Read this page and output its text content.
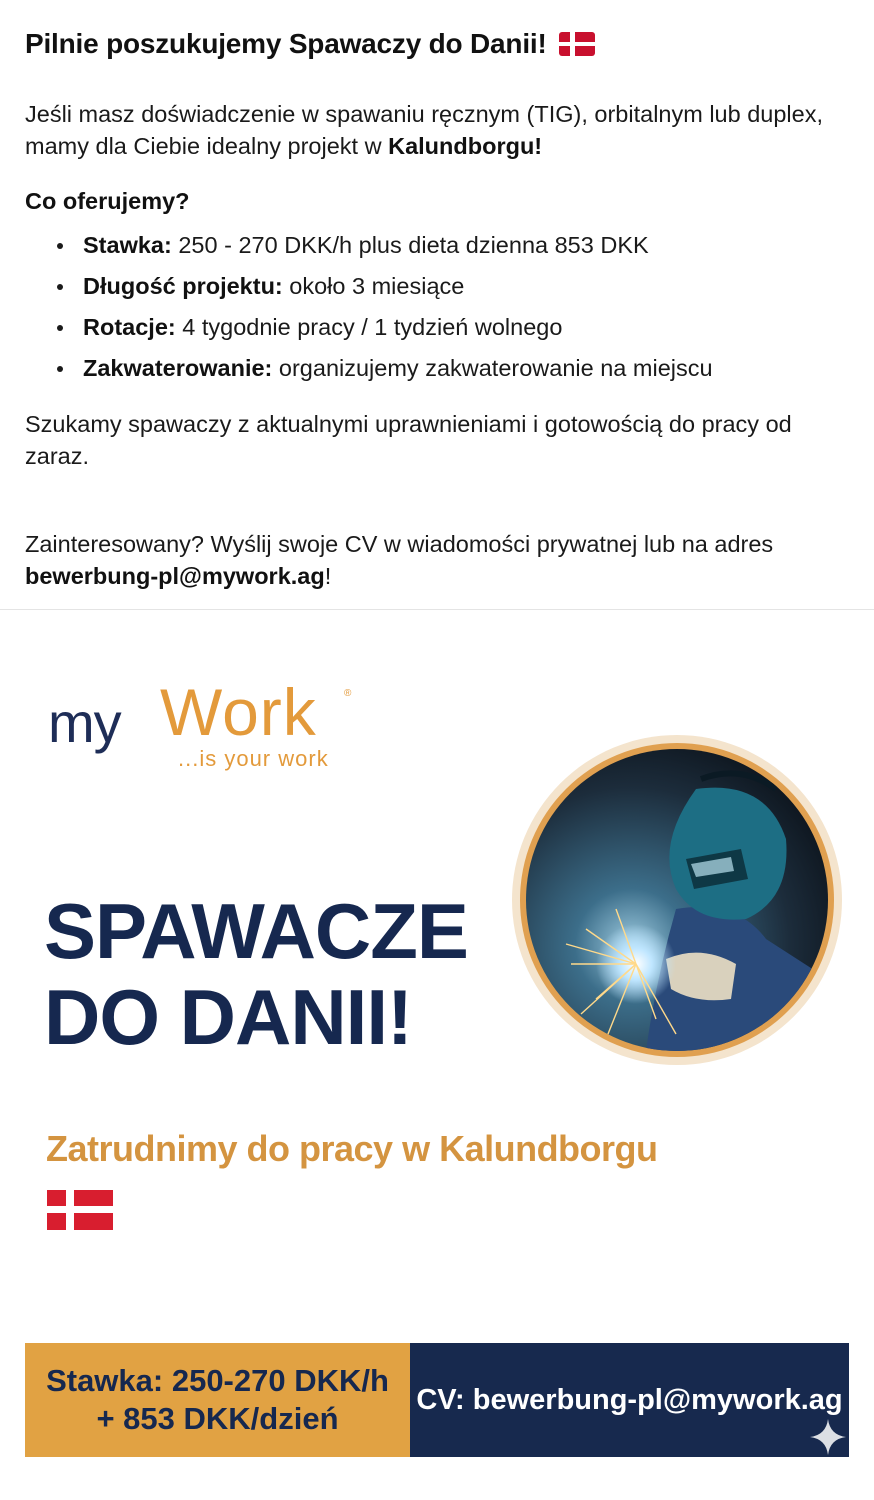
Pilnie poszukujemy Spawaczy do Danii!
Jeśli masz doświadczenie w spawaniu ręcznym (TIG), orbitalnym lub duplex, mamy dla Ciebie idealny projekt w Kalundborgu!
Co oferujemy?
Stawka: 250 - 270 DKK/h plus dieta dzienna 853 DKK
Długość projektu: około 3 miesiące
Rotacje: 4 tygodnie pracy / 1 tydzień wolnego
Zakwaterowanie: organizujemy zakwaterowanie na miejscu
Szukamy spawaczy z aktualnymi uprawnieniami i gotowością do pracy od zaraz.
Zainteresowany? Wyślij swoje CV w wiadomości prywatnej lub na adres bewerbung-pl@mywork.ag!
my Work	®
...is your work
SPAWACZE
DO DANII!
Zatrudnimy do pracy w Kalundborgu
Stawka: 250-270 DKK/h
+ 853 DKK/dzień
CV: bewerbung-pl@mywork.ag
